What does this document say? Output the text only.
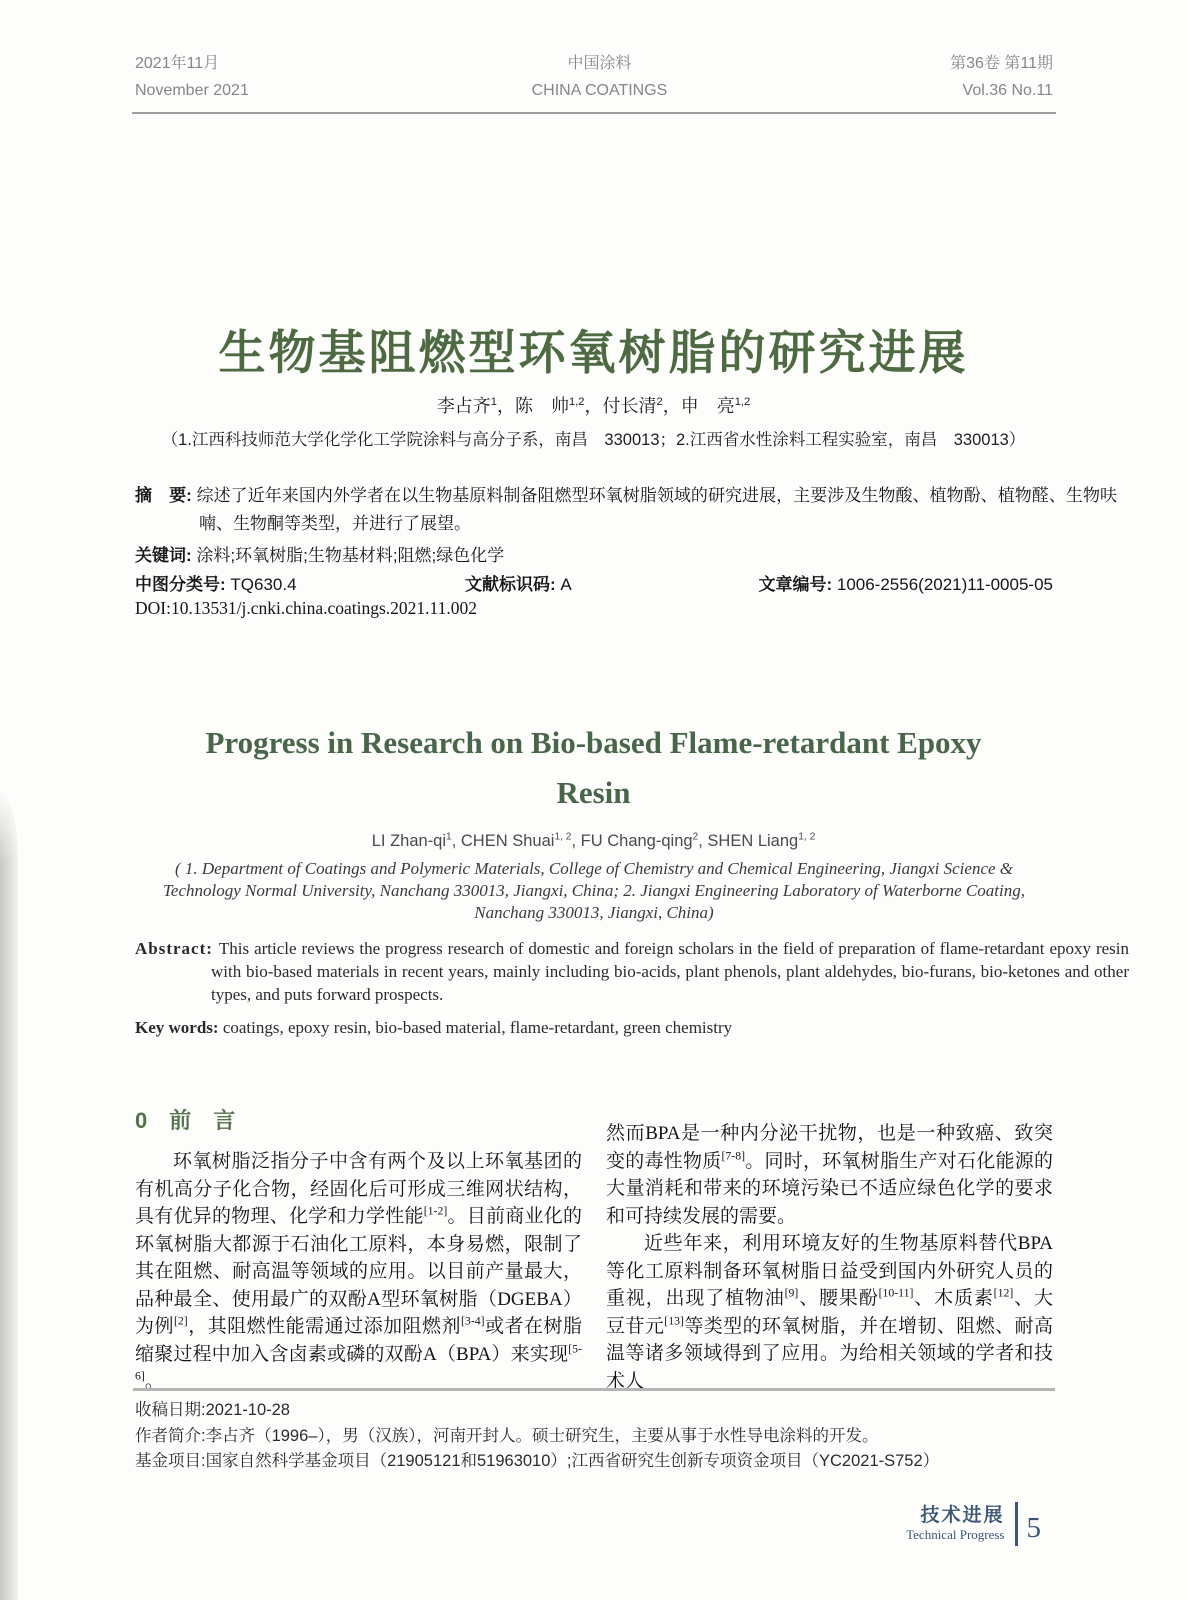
2021年11月
November 2021
中国涂料
CHINA COATINGS
第36卷 第11期
Vol.36 No.11
生物基阻燃型环氧树脂的研究进展
李占齐$^1$，陈　帅$^{1,2}$，付长清$^2$，申　亮$^{1,2}$
（1.江西科技师范大学化学化工学院涂料与高分子系，南昌　330013；2.江西省水性涂料工程实验室，南昌　330013）
摘　要: 综述了近年来国内外学者在以生物基原料制备阻燃型环氧树脂领域的研究进展，主要涉及生物酸、植物酚、植物醛、生物呋喃、生物酮等类型，并进行了展望。
关键词: 涂料;环氧树脂;生物基材料;阻燃;绿色化学
中图分类号: TQ630.4	文献标识码: A	文章编号: 1006-2556(2021)11-0005-05
DOI:10.13531/j.cnki.china.coatings.2021.11.002
Progress in Research on Bio-based Flame-retardant Epoxy
Resin
LI Zhan-$qi^1$, CHEN Shuai$^{1, 2}$, FU Chang-qing$^2$, SHEN Liang$^{1, 2}$
( 1. Department of Coatings and Polymeric Materials, College of Chemistry and Chemical Engineering, Jiangxi Science & Technology Normal University, Nanchang 330013, Jiangxi, China; 2. Jiangxi Engineering Laboratory of Waterborne Coating, Nanchang 330013, Jiangxi, China)
Abstract: This article reviews the progress research of domestic and foreign scholars in the field of preparation of flame-retardant epoxy resin with bio-based materials in recent years, mainly including bio-acids, plant phenols, plant aldehydes, bio-furans, bio-ketones and other types, and puts forward prospects.
Key words: coatings, epoxy resin, bio-based material, flame-retardant, green chemistry
0　前　言
环氧树脂泛指分子中含有两个及以上环氧基团的有机高分子化合物，经固化后可形成三维网状结构，具有优异的物理、化学和力学性能[1-2]。目前商业化的环氧树脂大都源于石油化工原料，本身易燃，限制了其在阻燃、耐高温等领域的应用。以目前产量最大，品种最全、使用最广的双酚A型环氧树脂（DGEBA）为例[2]，其阻燃性能需通过添加阻燃剂[3-4]或者在树脂缩聚过程中加入含卤素或磷的双酚A（BPA）来实现[5-6]。
然而BPA是一种内分泌干扰物，也是一种致癌、致突变的毒性物质[7-8]。同时，环氧树脂生产对石化能源的大量消耗和带来的环境污染已不适应绿色化学的要求和可持续发展的需要。
近些年来，利用环境友好的生物基原料替代BPA等化工原料制备环氧树脂日益受到国内外研究人员的重视，出现了植物油[9]、腰果酚[10-11]、木质素[12]、大豆苷元[13]等类型的环氧树脂，并在增韧、阻燃、耐高温等诸多领域得到了应用。为给相关领域的学者和技术人
收稿日期:2021-10-28
作者简介:李占齐（1996–），男（汉族），河南开封人。硕士研究生，主要从事于水性导电涂料的开发。
基金项目:国家自然科学基金项目（21905121和51963010）;江西省研究生创新专项资金项目（YC2021-S752）
技术进展
Technical Progress 5
